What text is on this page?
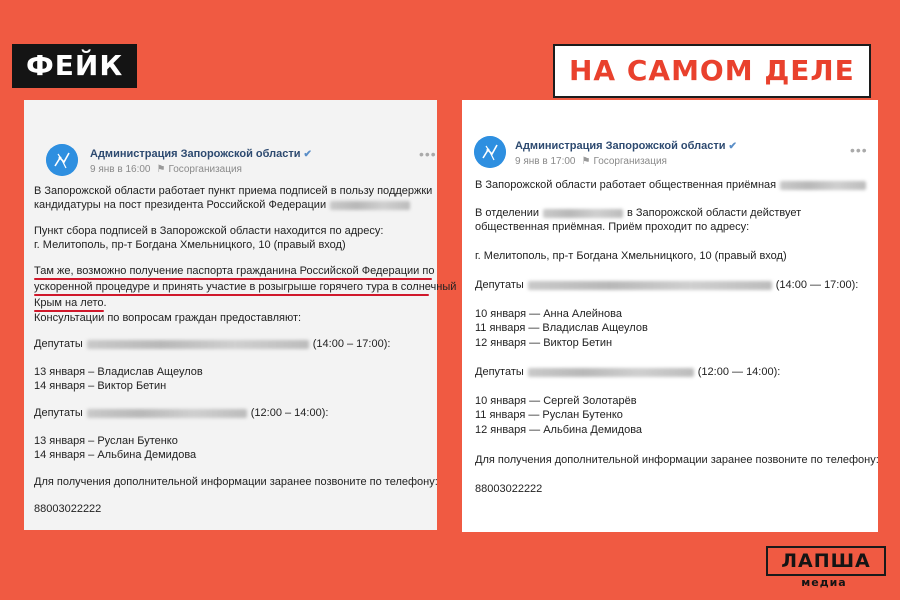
ФЕЙК	НА САМОМ ДЕЛЕ
Администрация Запорожской области ✔
9 янв в 16:00 ⚑ Госорганизация
•••
В Запорожской области работает пункт приема подписей в пользу поддержки
кандидатуры на пост президента Российской Федерации
Пункт сбора подписей в Запорожской области находится по адресу:
г. Мелитополь, пр-т Богдана Хмельницкого, 10 (правый вход)
Там же, возможно получение паспорта гражданина Российской Федерации по
ускоренной процедуре и принять участие в розыгрыше горячего тура в солнечный
Крым на лето.
Консультации по вопросам граждан предоставляют:
Депутаты	(14:00 – 17:00):
13 января – Владислав Ащеулов
14 января – Виктор Бетин
Депутаты	(12:00 – 14:00):
13 января – Руслан Бутенко
14 января – Альбина Демидова
Для получения дополнительной информации заранее позвоните по телефону:
88003022222
Администрация Запорожской области ✔
9 янв в 17:00 ⚑ Госорганизация
•••
В Запорожской области работает общественная приёмная
В отделении	в Запорожской области действует
общественная приёмная. Приём проходит по адресу:
г. Мелитополь, пр-т Богдана Хмельницкого, 10 (правый вход)
Депутаты	(14:00 — 17:00):
10 января — Анна Алейнова
11 января — Владислав Ащеулов
12 января — Виктор Бетин
Депутаты	(12:00 — 14:00):
10 января — Сергей Золотарёв
11 января — Руслан Бутенко
12 января — Альбина Демидова
Для получения дополнительной информации заранее позвоните по телефону:
88003022222
ЛАПША
медиа
